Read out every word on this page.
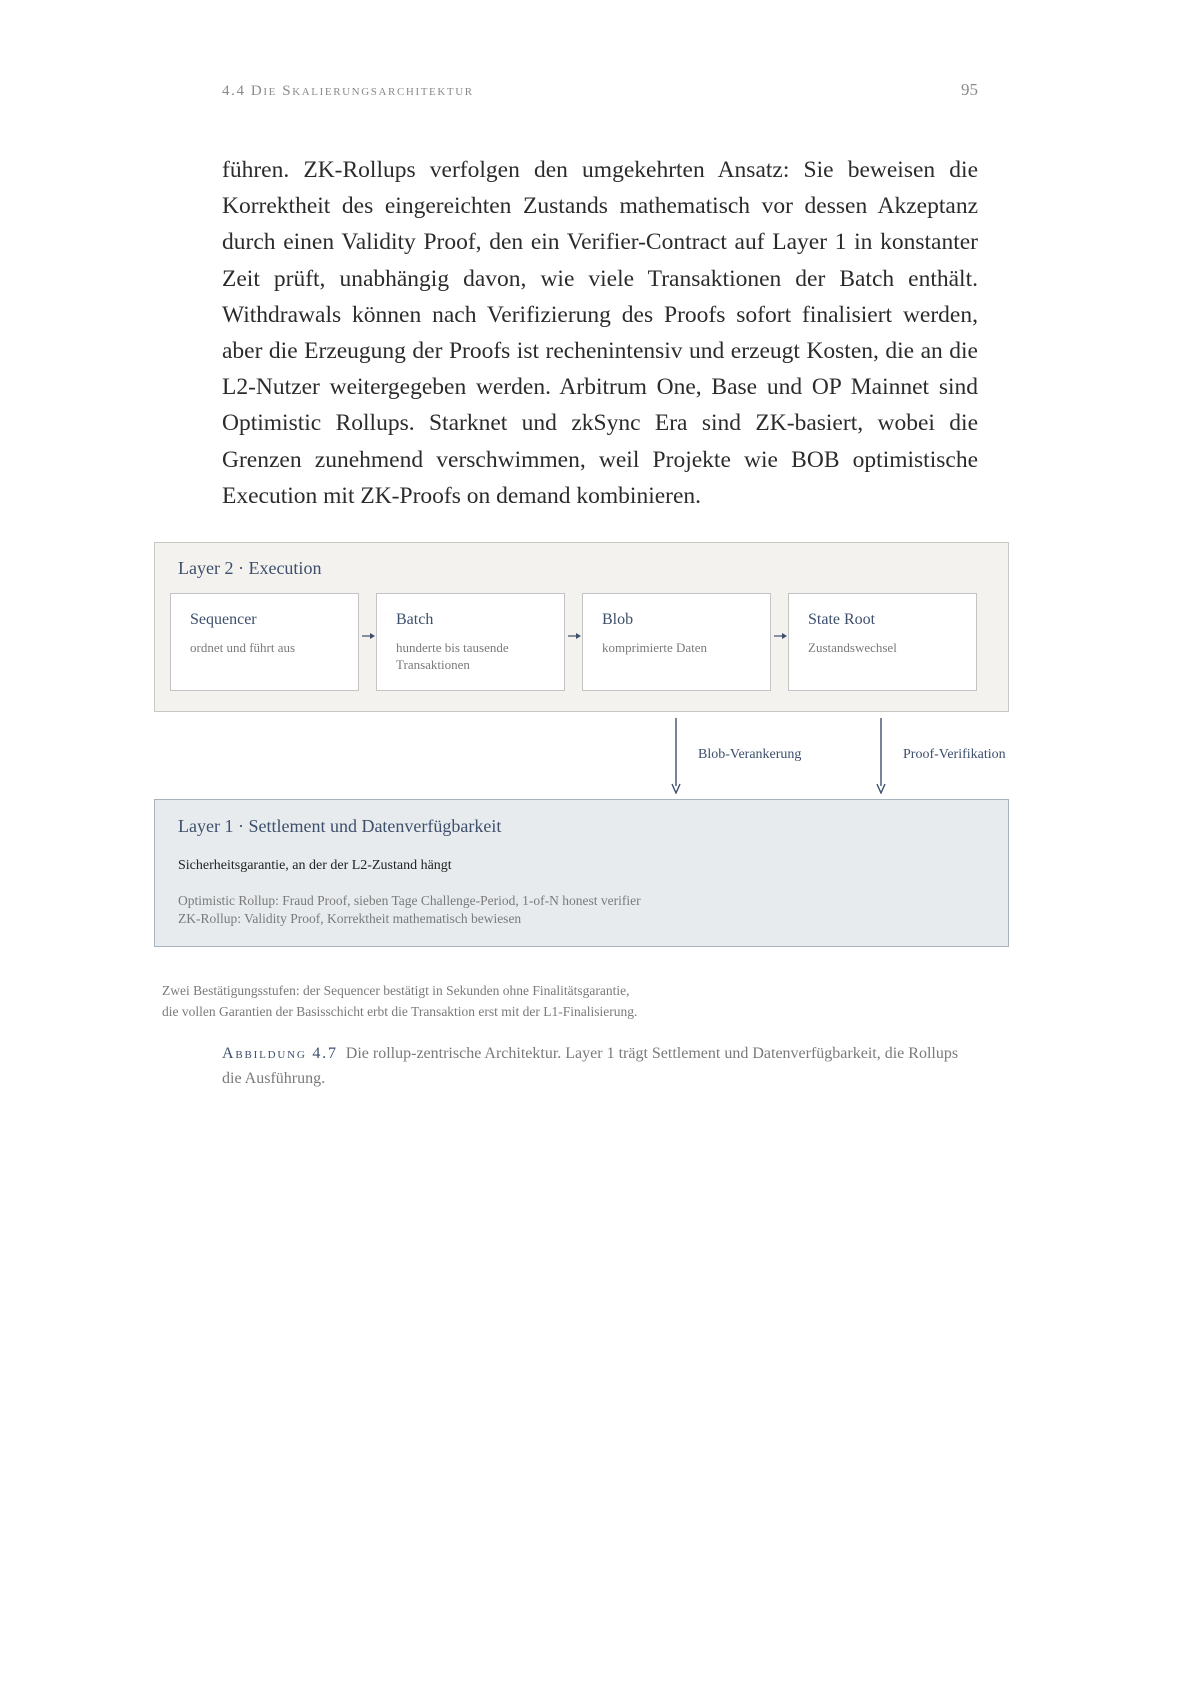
4.4 Die Skalierungsarchitektur	95

führen. ZK-Rollups verfolgen den umgekehrten Ansatz: Sie beweisen die Korrektheit des eingereichten Zustands mathematisch vor dessen Akzeptanz durch einen Validity Proof, den ein Verifier-Contract auf Layer 1 in konstanter Zeit prüft, unabhängig davon, wie viele Transaktionen der Batch enthält. Withdrawals können nach Verifizierung des Proofs sofort finalisiert werden, aber die Erzeugung der Proofs ist rechenintensiv und erzeugt Kosten, die an die L2-Nutzer weitergegeben werden. Arbitrum One, Base und OP Mainnet sind Optimistic Rollups. Starknet und zkSync Era sind ZK-basiert, wobei die Grenzen zunehmend verschwimmen, weil Projekte wie BOB optimistische Execution mit ZK-Proofs on demand kombinieren.

Layer 2 · Execution
Sequencer
ordnet und führt aus
Batch
hunderte bis tausende Transaktionen
Blob
komprimierte Daten
State Root
Zustandswechsel
Blob-Verankerung	Proof-Verifikation
Layer 1 · Settlement und Datenverfügbarkeit
Sicherheitsgarantie, an der der L2-Zustand hängt
Optimistic Rollup: Fraud Proof, sieben Tage Challenge-Period, 1-of-N honest verifier
ZK-Rollup: Validity Proof, Korrektheit mathematisch bewiesen
Zwei Bestätigungsstufen: der Sequencer bestätigt in Sekunden ohne Finalitätsgarantie,
die vollen Garantien der Basisschicht erbt die Transaktion erst mit der L1-Finalisierung.

Abbildung 4.7 Die rollup-zentrische Architektur. Layer 1 trägt Settlement und Datenverfügbarkeit, die Rollups die Ausführung.
